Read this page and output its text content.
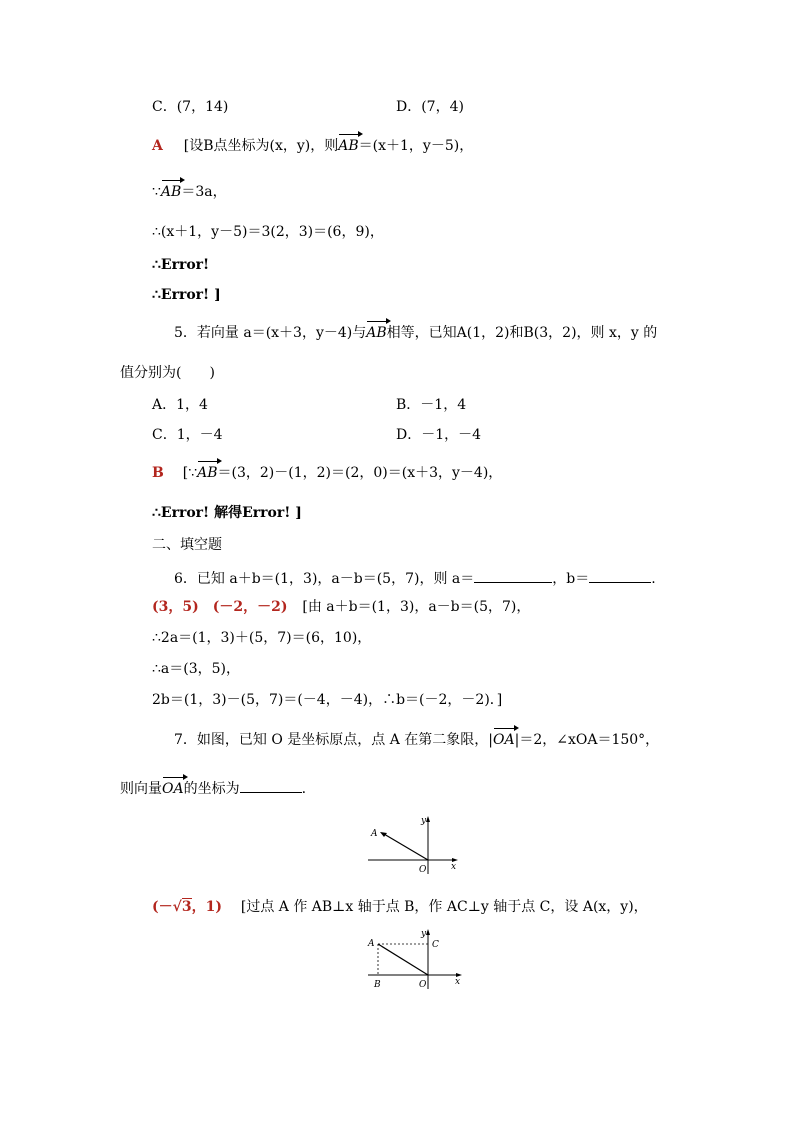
C．(7，14)	D．(7，4)
A [设B点坐标为(x，y)，则AB＝(x＋1，y－5)，
∵AB＝3a，
∴(x＋1，y－5)＝3(2，3)＝(6，9)，
∴Error!
∴Error! ]
5．若向量 a＝(x＋3，y－4)与AB相等，已知A(1，2)和B(3，2)，则 x，y 的
值分别为(　　)
A．1，4	B．－1，4
C．1，－4	D．－1，－4
B [∵AB＝(3，2)－(1，2)＝(2，0)＝(x＋3，y－4)，
∴Error! 解得Error! ]
二、填空题
6．已知 a＋b＝(1，3)，a－b＝(5，7)，则 a＝	，b＝	.
(3，5)　(－2，－2) [由 a＋b＝(1，3)，a－b＝(5，7)，
∴2a＝(1，3)＋(5，7)＝(6，10)，
∴a＝(3，5)，
2b＝(1，3)－(5，7)＝(－4，－4)，∴b＝(－2，－2)．]
7．如图，已知 O 是坐标原点，点 A 在第二象限，|OA|＝2，∠xOA＝150°，
则向量OA的坐标为	.
A
O	x
y
(－√3，1) [过点 A 作 AB⊥x 轴于点 B，作 AC⊥y 轴于点 C，设 A(x，y)，
A
B
C
O	x
y
